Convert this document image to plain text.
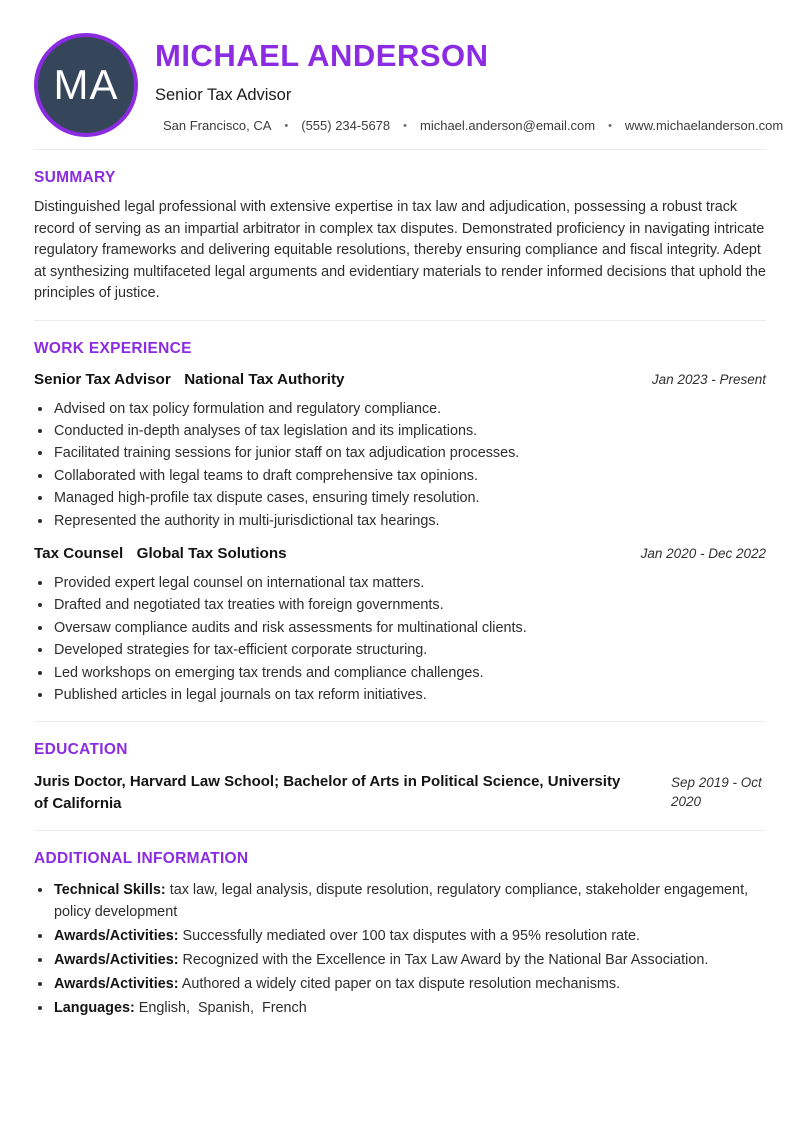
MA
MICHAEL ANDERSON
Senior Tax Advisor
San Francisco, CA • (555) 234-5678 • michael.anderson@email.com • www.michaelanderson.com
SUMMARY

Distinguished legal professional with extensive expertise in tax law and adjudication, possessing a robust track record of serving as an impartial arbitrator in complex tax disputes. Demonstrated proficiency in navigating intricate regulatory frameworks and delivering equitable resolutions, thereby ensuring compliance and fiscal integrity. Adept at synthesizing multifaceted legal arguments and evidentiary materials to render informed decisions that uphold the principles of justice.

WORK EXPERIENCE
Senior Tax Advisor National Tax Authority	Jan 2023 - Present
• Advised on tax policy formulation and regulatory compliance.
• Conducted in-depth analyses of tax legislation and its implications.
• Facilitated training sessions for junior staff on tax adjudication processes.
• Collaborated with legal teams to draft comprehensive tax opinions.
• Managed high-profile tax dispute cases, ensuring timely resolution.
• Represented the authority in multi-jurisdictional tax hearings.
Tax Counsel Global Tax Solutions	Jan 2020 - Dec 2022
• Provided expert legal counsel on international tax matters.
• Drafted and negotiated tax treaties with foreign governments.
• Oversaw compliance audits and risk assessments for multinational clients.
• Developed strategies for tax-efficient corporate structuring.
• Led workshops on emerging tax trends and compliance challenges.
• Published articles in legal journals on tax reform initiatives.
EDUCATION
Juris Doctor, Harvard Law School; Bachelor of Arts in Political Science, University of California
Sep 2019 - Oct 2020
ADDITIONAL INFORMATION
• Technical Skills: tax law, legal analysis, dispute resolution, regulatory compliance, stakeholder engagement, policy development
• Awards/Activities: Successfully mediated over 100 tax disputes with a 95% resolution rate.
• Awards/Activities: Recognized with the Excellence in Tax Law Award by the National Bar Association.
• Awards/Activities: Authored a widely cited paper on tax dispute resolution mechanisms.
• Languages: English,  Spanish,  French
